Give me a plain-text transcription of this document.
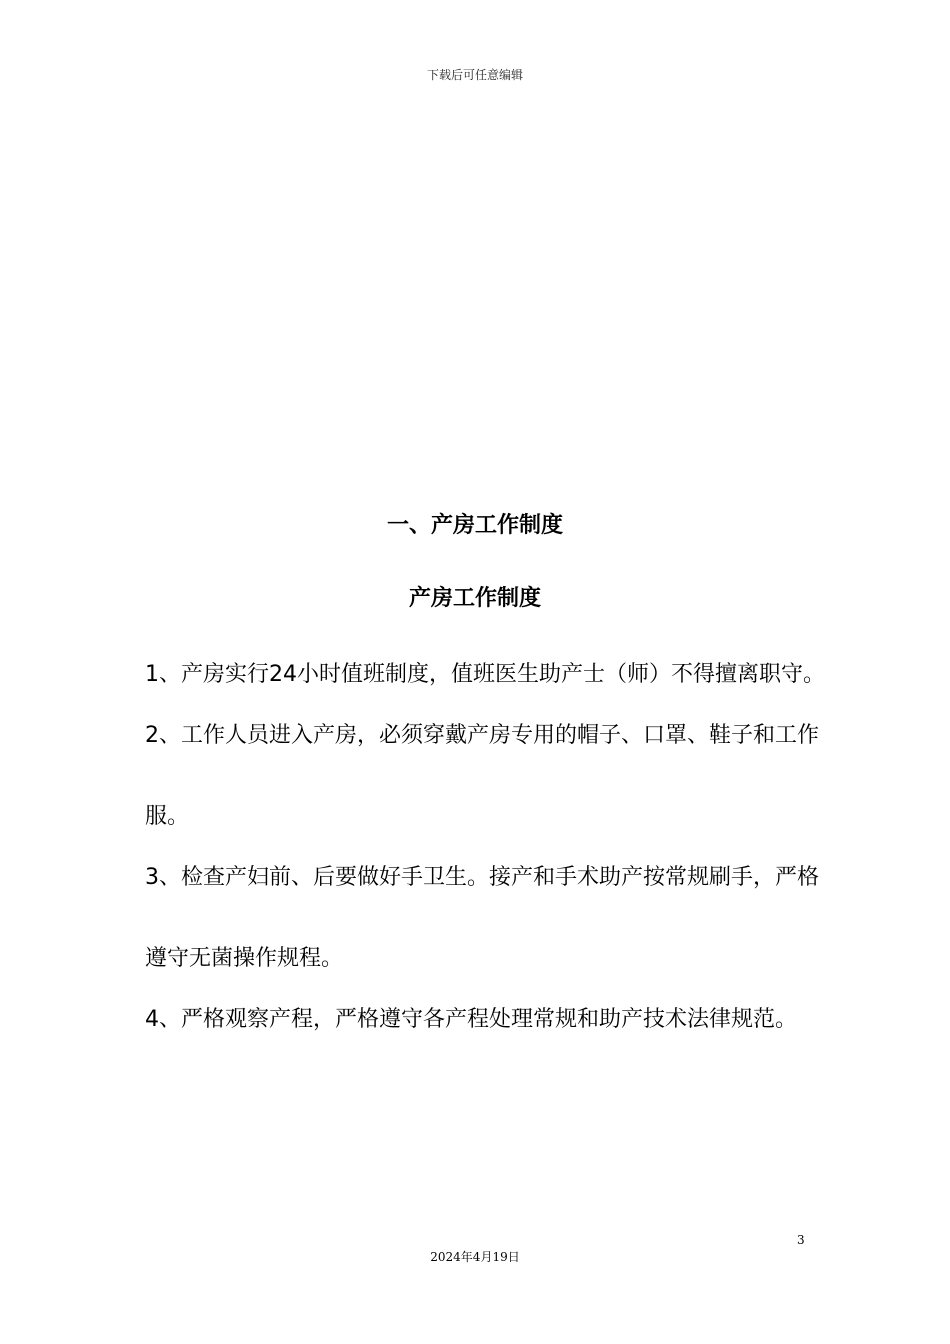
下载后可任意编辑
一、产房工作制度
产房工作制度
1、产房实行24小时值班制度，值班医生助产士（师）不得擅离职守。
2、工作人员进入产房，必须穿戴产房专用的帽子、口罩、鞋子和工作服。
3、检查产妇前、后要做好手卫生。接产和手术助产按常规刷手，严格遵守无菌操作规程。
4、严格观察产程，严格遵守各产程处理常规和助产技术法律规范。
3
2024年4月19日
